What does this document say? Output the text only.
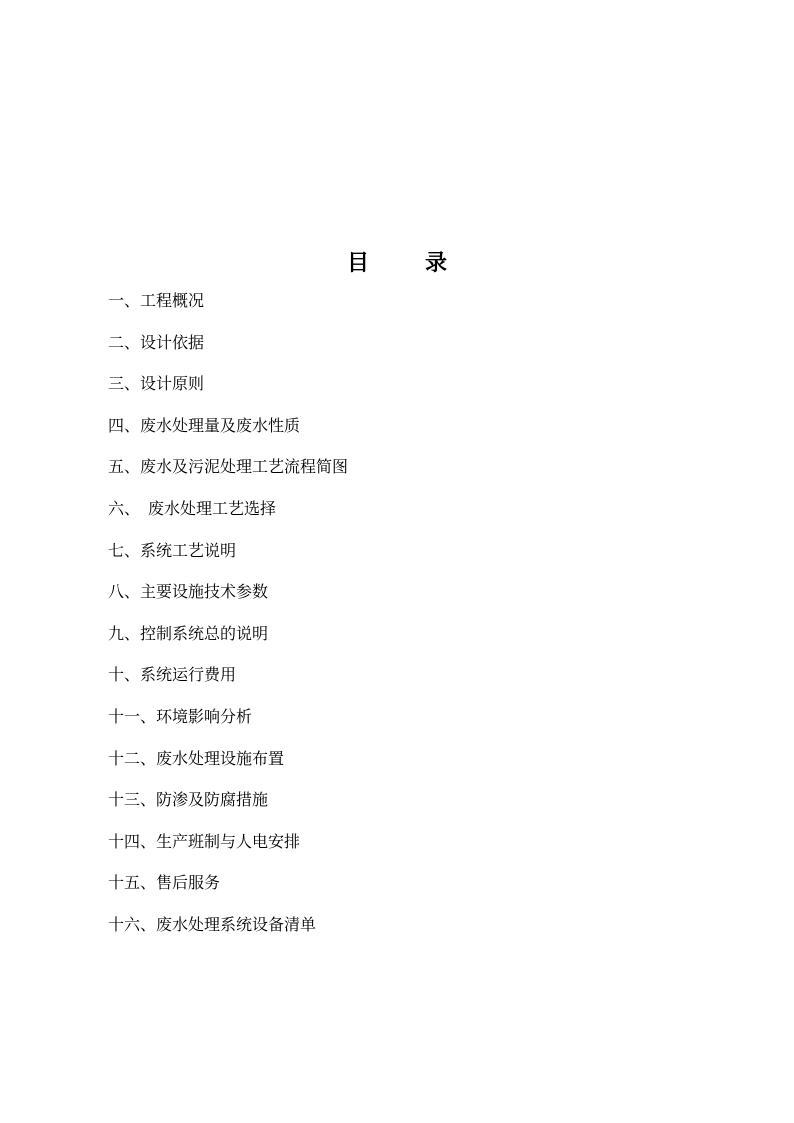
目	录
一、工程概况
二、设计依据
三、设计原则
四、废水处理量及废水性质
五、废水及污泥处理工艺流程简图
六、 废水处理工艺选择
七、系统工艺说明
八、主要设施技术参数
九、控制系统总的说明
十、系统运行费用
十一、环境影响分析
十二、废水处理设施布置
十三、防渗及防腐措施
十四、生产班制与人电安排
十五、售后服务
十六、废水处理系统设备清单
